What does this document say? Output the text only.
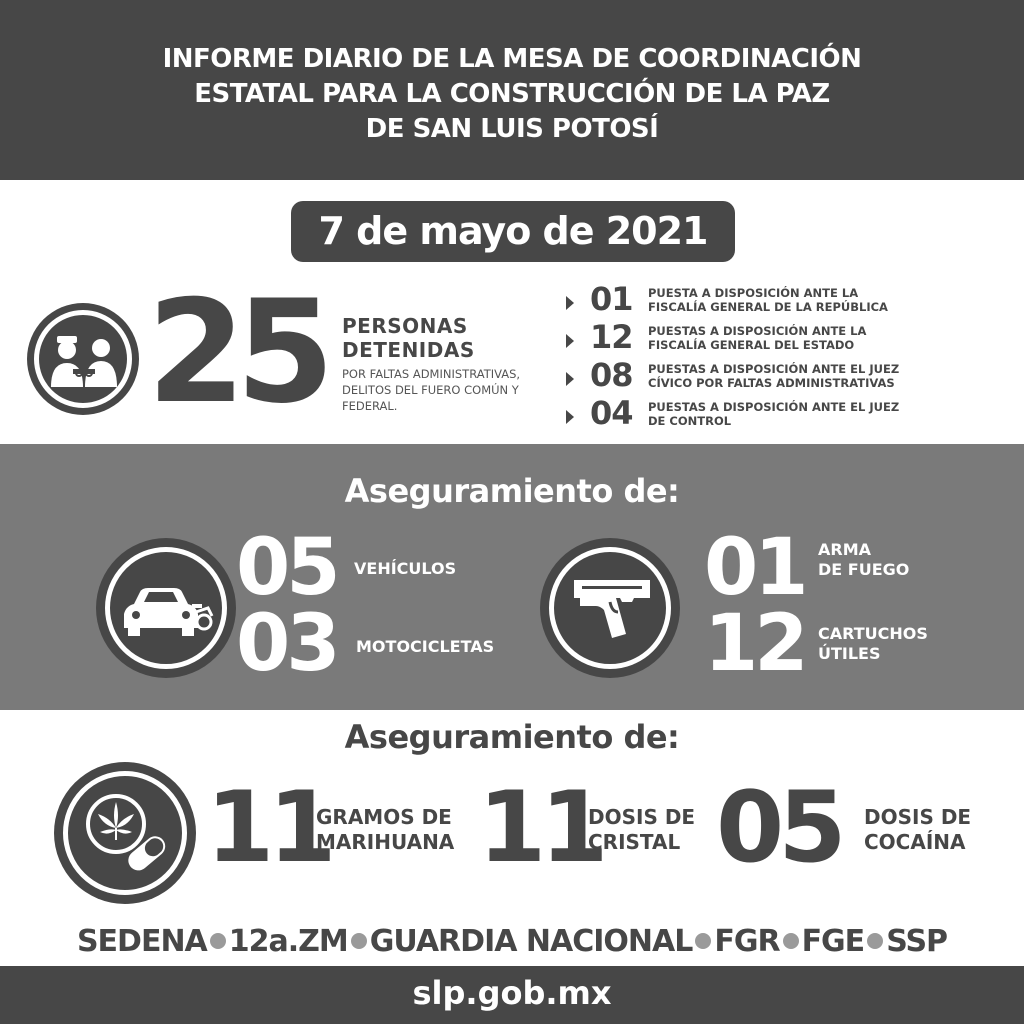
INFORME DIARIO DE LA MESA DE COORDINACIÓN
ESTATAL PARA LA CONSTRUCCIÓN DE LA PAZ
DE SAN LUIS POTOSÍ
7 de mayo de 2021
25 PERSONAS
DETENIDAS
POR FALTAS ADMINISTRATIVAS,
DELITOS DEL FUERO COMÚN Y
FEDERAL.
01 PUESTA A DISPOSICIÓN ANTE LA
FISCALÍA GENERAL DE LA REPÚBLICA
12 PUESTAS A DISPOSICIÓN ANTE LA
FISCALÍA GENERAL DEL ESTADO
08 PUESTAS A DISPOSICIÓN ANTE EL JUEZ
CÍVICO POR FALTAS ADMINISTRATIVAS
04 PUESTAS A DISPOSICIÓN ANTE EL JUEZ
DE CONTROL
Aseguramiento de:
05 VEHÍCULOS
03 MOTOCICLETAS
01 ARMA
DE FUEGO
12 CARTUCHOS
ÚTILES
Aseguramiento de:
11
GRAMOS DE
MARIHUANA 11
DOSIS DE
CRISTAL 05 DOSIS DE
COCAÍNA
SEDENA 12a.ZM GUARDIA NACIONAL FGR FGE SSP
slp.gob.mx
